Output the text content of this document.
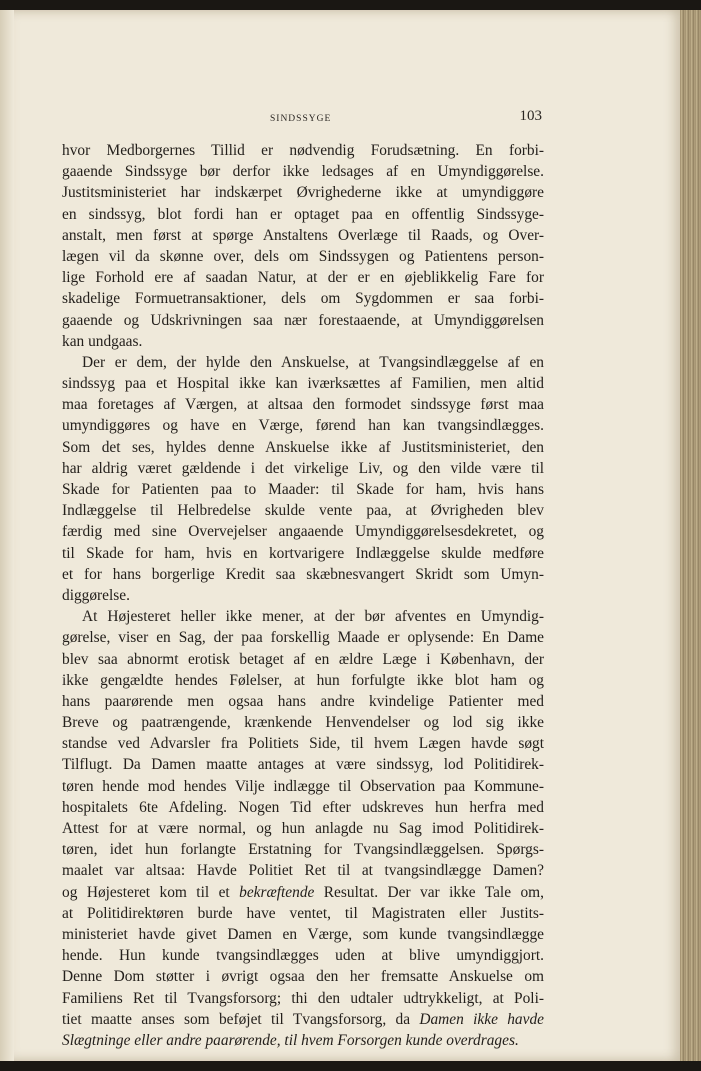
SINDSSYGE	103
hvor Medborgernes Tillid er nødvendig Forudsætning. En forbi-
gaaende Sindssyge bør derfor ikke ledsages af en Umyndiggørelse.
Justitsministeriet har indskærpet Øvrighederne ikke at umyndiggøre
en sindssyg, blot fordi han er optaget paa en offentlig Sindssyge-
anstalt, men først at spørge Anstaltens Overlæge til Raads, og Over-
lægen vil da skønne over, dels om Sindssygen og Patientens person-
lige Forhold ere af saadan Natur, at der er en øjeblikkelig Fare for
skadelige Formuetransaktioner, dels om Sygdommen er saa forbi-
gaaende og Udskrivningen saa nær forestaaende, at Umyndiggørelsen
kan undgaas.
Der er dem, der hylde den Anskuelse, at Tvangsindlæggelse af en
sindssyg paa et Hospital ikke kan iværksættes af Familien, men altid
maa foretages af Værgen, at altsaa den formodet sindssyge først maa
umyndiggøres og have en Værge, førend han kan tvangsindlægges.
Som det ses, hyldes denne Anskuelse ikke af Justitsministeriet, den
har aldrig været gældende i det virkelige Liv, og den vilde være til
Skade for Patienten paa to Maader: til Skade for ham, hvis hans
Indlæggelse til Helbredelse skulde vente paa, at Øvrigheden blev
færdig med sine Overvejelser angaaende Umyndiggørelsesdekretet, og
til Skade for ham, hvis en kortvarigere Indlæggelse skulde medføre
et for hans borgerlige Kredit saa skæbnesvangert Skridt som Umyn-
diggørelse.
At Højesteret heller ikke mener, at der bør afventes en Umyndig-
gørelse, viser en Sag, der paa forskellig Maade er oplysende: En Dame
blev saa abnormt erotisk betaget af en ældre Læge i København, der
ikke gengældte hendes Følelser, at hun forfulgte ikke blot ham og
hans paarørende men ogsaa hans andre kvindelige Patienter med
Breve og paatrængende, krænkende Henvendelser og lod sig ikke
standse ved Advarsler fra Politiets Side, til hvem Lægen havde søgt
Tilflugt. Da Damen maatte antages at være sindssyg, lod Politidirek-
tøren hende mod hendes Vilje indlægge til Observation paa Kommune-
hospitalets 6te Afdeling. Nogen Tid efter udskreves hun herfra med
Attest for at være normal, og hun anlagde nu Sag imod Politidirek-
tøren, idet hun forlangte Erstatning for Tvangsindlæggelsen. Spørgs-
maalet var altsaa: Havde Politiet Ret til at tvangsindlægge Damen?
og Højesteret kom til et bekræftende Resultat. Der var ikke Tale om,
at Politidirektøren burde have ventet, til Magistraten eller Justits-
ministeriet havde givet Damen en Værge, som kunde tvangsindlægge
hende. Hun kunde tvangsindlægges uden at blive umyndiggjort.
Denne Dom støtter i øvrigt ogsaa den her fremsatte Anskuelse om
Familiens Ret til Tvangsforsorg; thi den udtaler udtrykkeligt, at Poli-
tiet maatte anses som beføjet til Tvangsforsorg, da Damen ikke havde
Slægtninge eller andre paarørende, til hvem Forsorgen kunde overdrages.
